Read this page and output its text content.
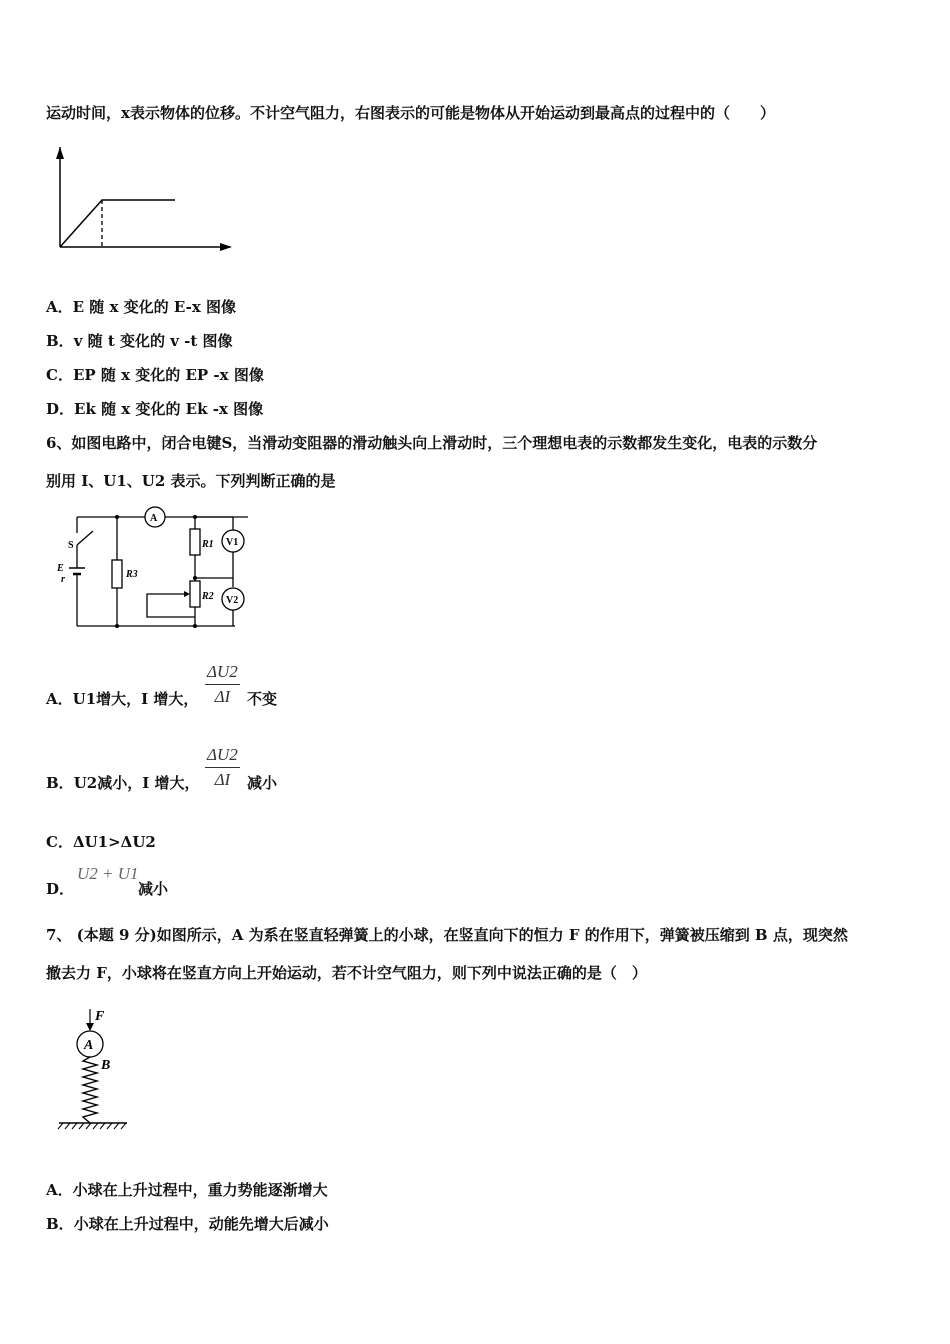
运动时间，x表示物体的位移。不计空气阻力，右图表示的可能是物体从开始运动到最高点的过程中的（　　）
A．E 随 x 变化的 E-x 图像
B．v 随 t 变化的 v -t 图像
C．EP 随 x 变化的 EP -x 图像
D．Ek 随 x 变化的 Ek -x 图像
6、如图电路中，闭合电键S，当滑动变阻器的滑动触头向上滑动时，三个理想电表的示数都发生变化，电表的示数分
别用 I、U1、U2 表示。下列判断正确的是
S
E
r	R3
A
R1
R2
V1
V2
A．U1增大，I 增大， $\frac{\Delta U2}{\Delta I}$ 不变
B．U2减小，I 增大， $\frac{\Delta U2}{\Delta I}$ 减小
C．ΔU1>ΔU2
D．
U2 + U1
减小
7、 (本题 9 分)如图所示，A 为系在竖直轻弹簧上的小球，在竖直向下的恒力 F 的作用下，弹簧被压缩到 B 点，现突然
撤去力 F，小球将在竖直方向上开始运动，若不计空气阻力，则下列中说法正确的是（　）
F
A
B
A．小球在上升过程中，重力势能逐渐增大
B．小球在上升过程中，动能先增大后减小
